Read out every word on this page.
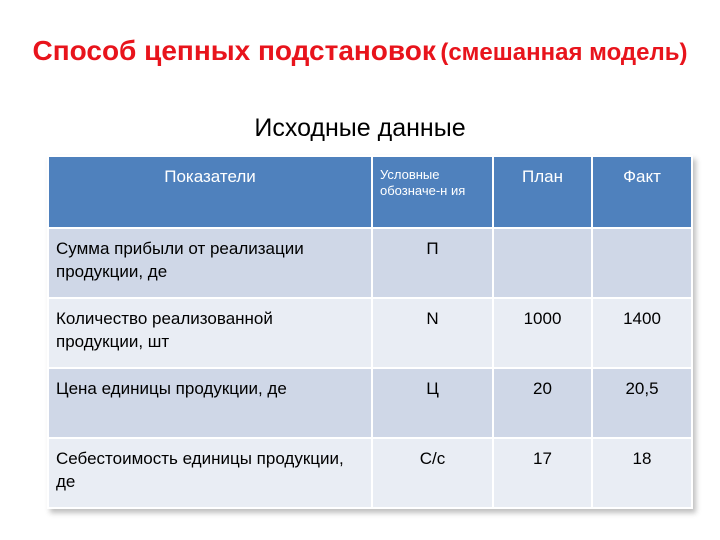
Способ цепных подстановок (смешанная модель)
Исходные данные
Показатели	Условные обозначе-н ия	План	Факт
Сумма прибыли от реализации продукции, де	П		
Количество реализованной продукции, шт	N	1000	1400
Цена единицы продукции, де	Ц	20	20,5
Себестоимость единицы продукции, де	С/с	17	18
